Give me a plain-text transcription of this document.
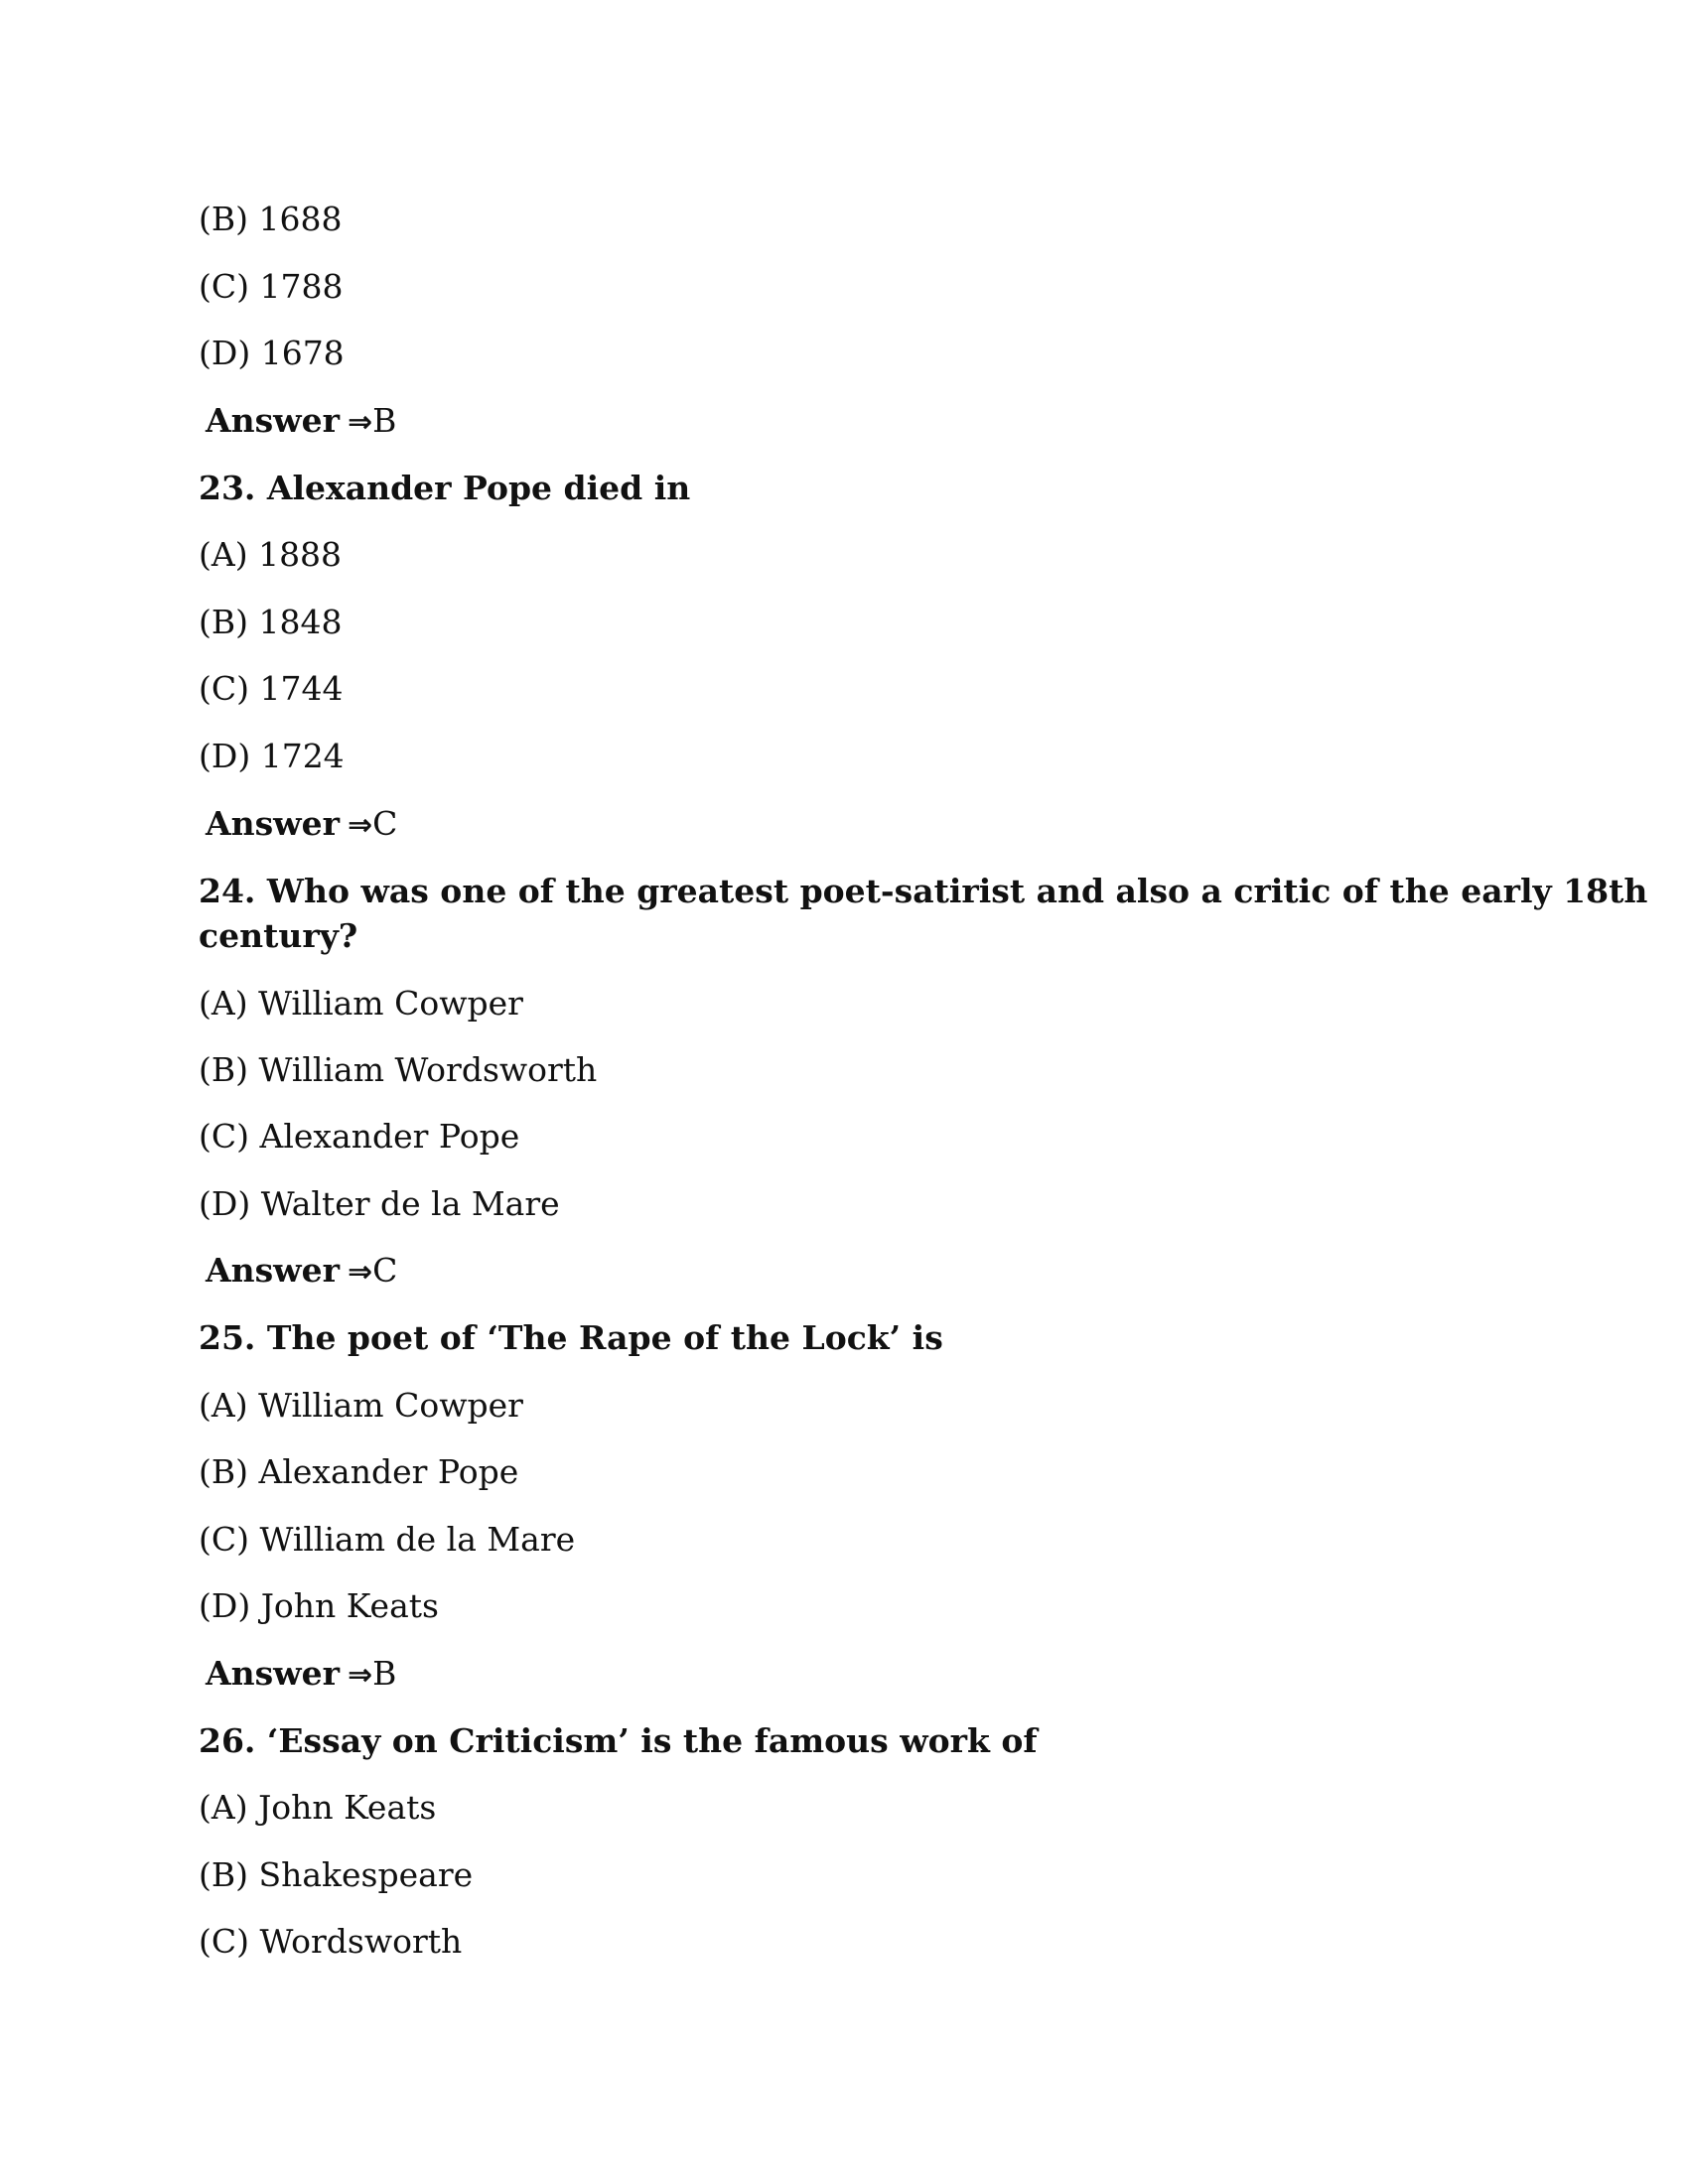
(B) 1688

(C) 1788

(D) 1678

Answer ⇒B

23. Alexander Pope died in

(A) 1888

(B) 1848

(C) 1744

(D) 1724

Answer ⇒C

24. Who was one of the greatest poet-satirist and also a critic of the early 18th

century?

(A) William Cowper

(B) William Wordsworth

(C) Alexander Pope

(D) Walter de la Mare

Answer ⇒C

25. The poet of ‘The Rape of the Lock’ is

(A) William Cowper

(B) Alexander Pope

(C) William de la Mare

(D) John Keats

Answer ⇒B

26. ‘Essay on Criticism’ is the famous work of

(A) John Keats

(B) Shakespeare

(C) Wordsworth
